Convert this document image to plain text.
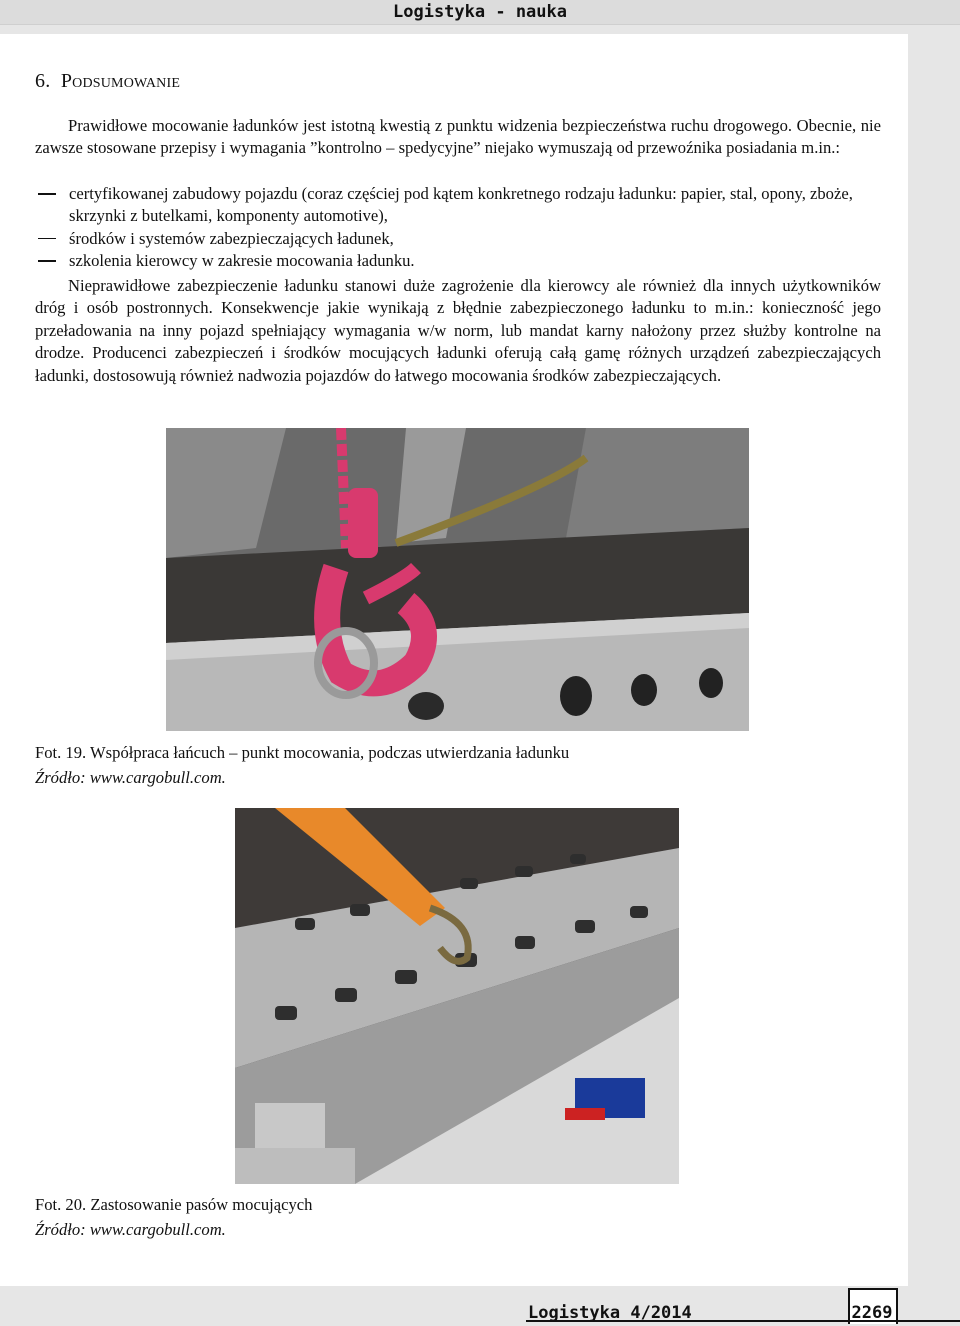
Logistyka - nauka
6. Podsumowanie

Prawidłowe mocowanie ładunków jest istotną kwestią z punktu widzenia bezpieczeństwa ruchu drogowego. Obecnie, nie zawsze stosowane przepisy i wymagania ”kontrolno – spedycyjne” niejako wymuszają od przewoźnika posiadania m.in.:

certyfikowanej zabudowy pojazdu (coraz częściej pod kątem konkretnego rodzaju ładunku: papier, stal, opony, zboże, skrzynki z butelkami, komponenty automotive),
środków i systemów zabezpieczających ładunek,
szkolenia kierowcy w zakresie mocowania ładunku.

Nieprawidłowe zabezpieczenie ładunku stanowi duże zagrożenie dla kierowcy ale również dla innych użytkowników dróg i osób postronnych. Konsekwencje jakie wynikają z błędnie zabezpieczonego ładunku to m.in.: konieczność jego przeładowania na inny pojazd spełniający wymagania w/w norm, lub mandat karny nałożony przez służby kontrolne na drodze. Producenci zabezpieczeń i środków mocujących ładunki oferują całą gamę różnych urządzeń zabezpieczających ładunki, dostosowują również nadwozia pojazdów do łatwego mocowania środków zabezpieczających.

Fot. 19. Współpraca łańcuch – punkt mocowania, podczas utwierdzania ładunku

Źródło: www.cargobull.com.

Fot. 20. Zastosowanie pasów mocujących

Źródło: www.cargobull.com.

Logistyka 4/2014	2269
